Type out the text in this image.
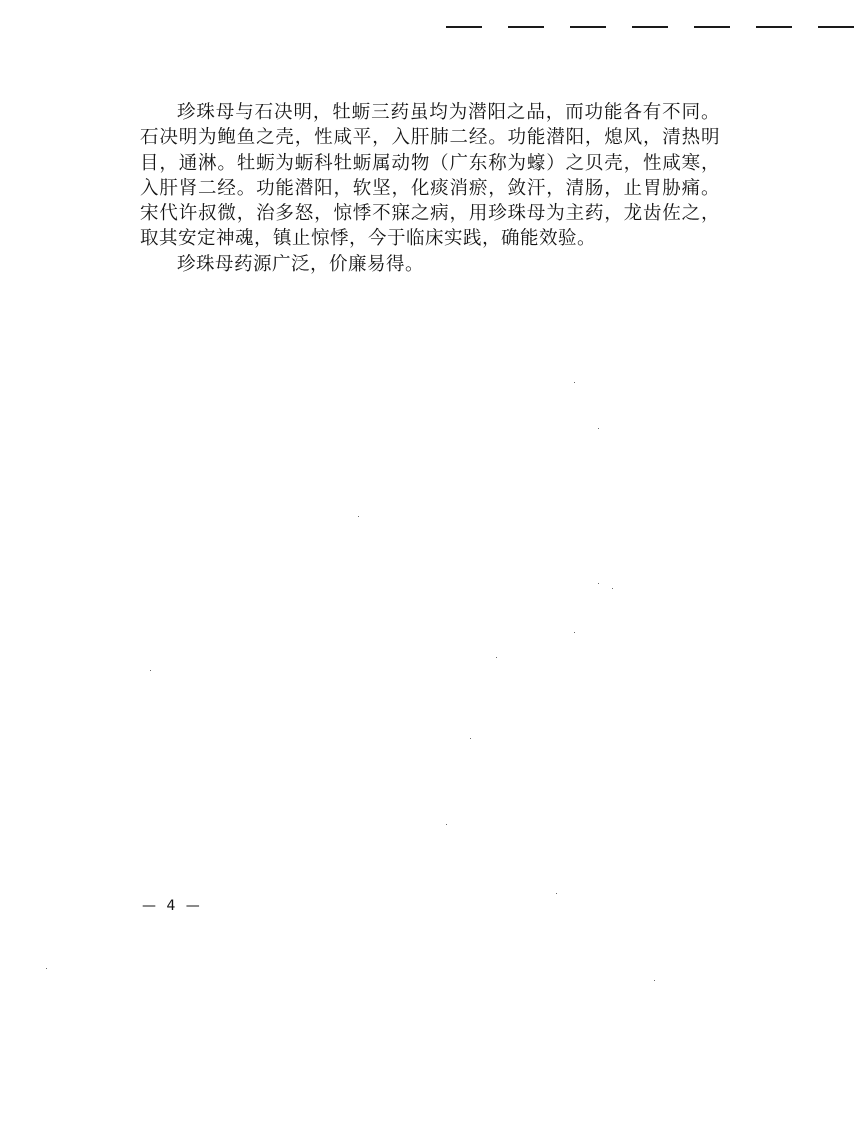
珍珠母与石决明，牡蛎三药虽均为潜阳之品，而功能各有不同。石决明为鲍鱼之壳，性咸平，入肝肺二经。功能潜阳，熄风，清热明目，通淋。牡蛎为蛎科牡蛎属动物（广东称为蠔）之贝壳，性咸寒，入肝肾二经。功能潜阳，软坚，化痰消瘀，敛汗，清肠，止胃胁痛。宋代许叔微，治多怒，惊悸不寐之病，用珍珠母为主药，龙齿佐之，取其安定神魂，镇止惊悸，今于临床实践，确能效验。

珍珠母药源广泛，价廉易得。

— 4 —
